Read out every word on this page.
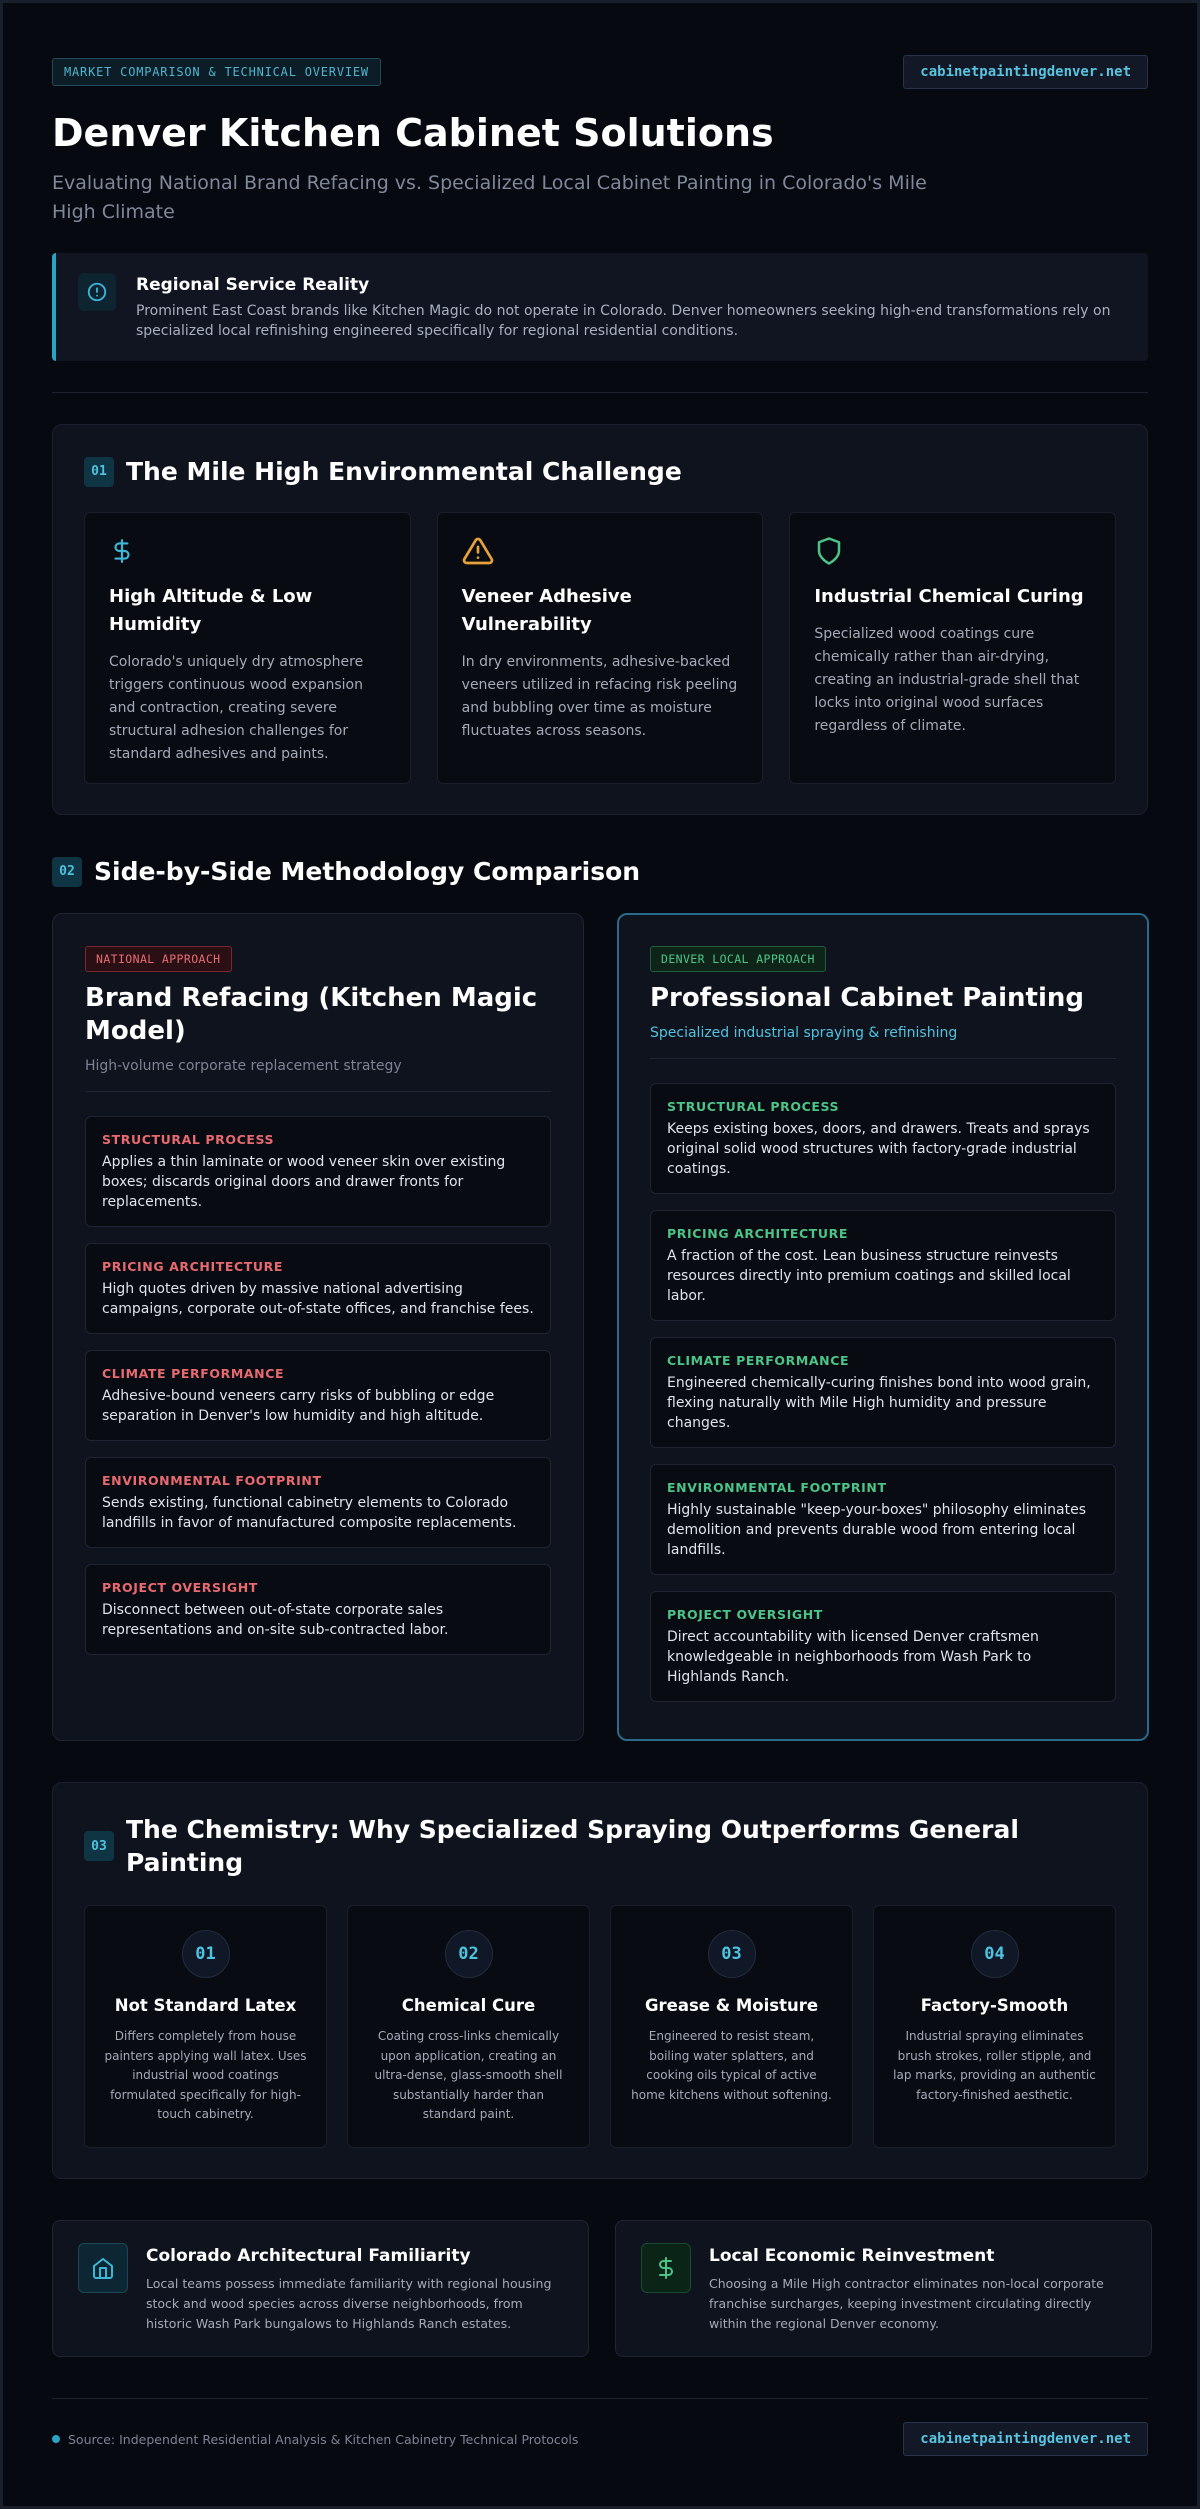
MARKET COMPARISON & TECHNICAL OVERVIEW	cabinetpaintingdenver.net
Denver Kitchen Cabinet Solutions

Evaluating National Brand Refacing vs. Specialized Local Cabinet Painting in Colorado's Mile High Climate

Regional Service Reality
Prominent East Coast brands like Kitchen Magic do not operate in Colorado. Denver homeowners seeking high-end transformations rely on specialized local refinishing engineered specifically for regional residential conditions.
01 The Mile High Environmental Challenge
High Altitude & Low Humidity
Colorado's uniquely dry atmosphere triggers continuous wood expansion and contraction, creating severe structural adhesion challenges for standard adhesives and paints.
Veneer Adhesive Vulnerability
In dry environments, adhesive-backed veneers utilized in refacing risk peeling and bubbling over time as moisture fluctuates across seasons.
Industrial Chemical Curing
Specialized wood coatings cure chemically rather than air-drying, creating an industrial-grade shell that locks into original wood surfaces regardless of climate.
02 Side-by-Side Methodology Comparison
NATIONAL APPROACH
Brand Refacing (Kitchen Magic Model)
High-volume corporate replacement strategy
STRUCTURAL PROCESS
Applies a thin laminate or wood veneer skin over existing boxes; discards original doors and drawer fronts for replacements.
PRICING ARCHITECTURE
High quotes driven by massive national advertising campaigns, corporate out-of-state offices, and franchise fees.
CLIMATE PERFORMANCE
Adhesive-bound veneers carry risks of bubbling or edge separation in Denver's low humidity and high altitude.
ENVIRONMENTAL FOOTPRINT
Sends existing, functional cabinetry elements to Colorado landfills in favor of manufactured composite replacements.
PROJECT OVERSIGHT
Disconnect between out-of-state corporate sales representations and on-site sub-contracted labor.
DENVER LOCAL APPROACH
Professional Cabinet Painting
Specialized industrial spraying & refinishing
STRUCTURAL PROCESS
Keeps existing boxes, doors, and drawers. Treats and sprays original solid wood structures with factory-grade industrial coatings.
PRICING ARCHITECTURE
A fraction of the cost. Lean business structure reinvests resources directly into premium coatings and skilled local labor.
CLIMATE PERFORMANCE
Engineered chemically-curing finishes bond into wood grain, flexing naturally with Mile High humidity and pressure changes.
ENVIRONMENTAL FOOTPRINT
Highly sustainable "keep-your-boxes" philosophy eliminates demolition and prevents durable wood from entering local landfills.
PROJECT OVERSIGHT
Direct accountability with licensed Denver craftsmen knowledgeable in neighborhoods from Wash Park to Highlands Ranch.
03
The Chemistry: Why Specialized Spraying Outperforms General Painting
01
Not Standard Latex
Differs completely from house painters applying wall latex. Uses industrial wood coatings formulated specifically for high-touch cabinetry.
02
Chemical Cure
Coating cross-links chemically upon application, creating an ultra-dense, glass-smooth shell substantially harder than standard paint.
03
Grease & Moisture
Engineered to resist steam, boiling water splatters, and cooking oils typical of active home kitchens without softening.
04
Factory-Smooth
Industrial spraying eliminates brush strokes, roller stipple, and lap marks, providing an authentic factory-finished aesthetic.
Colorado Architectural Familiarity
Local teams possess immediate familiarity with regional housing stock and wood species across diverse neighborhoods, from historic Wash Park bungalows to Highlands Ranch estates.
Local Economic Reinvestment
Choosing a Mile High contractor eliminates non-local corporate franchise surcharges, keeping investment circulating directly within the regional Denver economy.
Source: Independent Residential Analysis & Kitchen Cabinetry Technical Protocols	cabinetpaintingdenver.net
